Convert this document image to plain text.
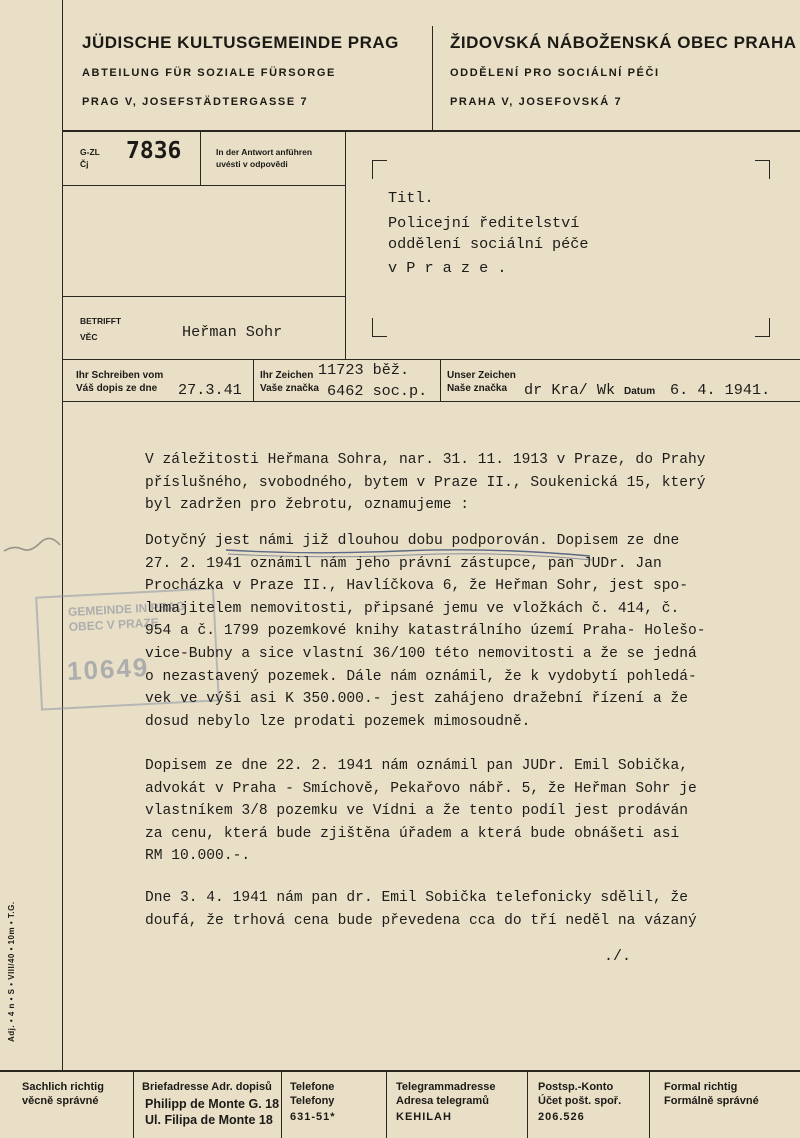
JÜDISCHE KULTUSGEMEINDE PRAG
ABTEILUNG FÜR SOZIALE FÜRSORGE
PRAG V, JOSEFSTÄDTERGASSE 7
ŽIDOVSKÁ NÁBOŽENSKÁ OBEC PRAHA
ODDĚLENÍ PRO SOCIÁLNÍ PÉČI
PRAHA V, JOSEFOVSKÁ 7
G-ZL
Čj	7836	In der Antwort anführen
uvésti v odpovědi
Titl.
Policejní ředitelství
oddělení sociální péče
v P r a z e .
BETRIFFT
VĚC	Heřman Sohr
Ihr Schreiben vom
Váš dopis ze dne	27.3.41
Ihr Zeichen
Vaše značka
11723 běž.
6462 soc.p.
Unser Zeichen
Naše značka	dr Kra/ Wk Datum 6. 4. 1941.
GEMEINDE IN PRAG
OBEC V PRAZE
10649
V záležitosti Heřmana Sohra, nar. 31. 11. 1913 v Praze, do Prahy
příslušného, svobodného, bytem v Praze II., Soukenická 15, který
byl zadržen pro žebrotu, oznamujeme :
Dotyčný jest námi již dlouhou dobu podporován. Dopisem ze dne
27. 2. 1941 oznámil nám jeho právní zástupce, pan JUDr. Jan
Procházka v Praze II., Havlíčkova 6, že Heřman Sohr, jest spo-
lumajitelem nemovitosti, připsané jemu ve vložkách č. 414, č.
954 a č. 1799 pozemkové knihy katastrálního území Praha- Holešo-
vice-Bubny a sice vlastní 36/100 této nemovitosti a že se jedná
o nezastavený pozemek. Dále nám oznámil, že k vydobytí pohledá-
vek ve výši asi K 350.000.- jest zahájeno dražební řízení a že
dosud nebylo lze prodati pozemek mimosoudně.
Dopisem ze dne 22. 2. 1941 nám oznámil pan JUDr. Emil Sobička,
advokát v Praha - Smíchově, Pekařovo nábř. 5, že Heřman Sohr je
vlastníkem 3/8 pozemku ve Vídni a že tento podíl jest prodáván
za cenu, která bude zjištěna úřadem a která bude obnášeti asi
RM 10.000.-.
Dne 3. 4. 1941 nám pan dr. Emil Sobička telefonicky sdělil, že
doufá, že trhová cena bude převedena cca do tří neděl na vázaný
./.
Adj. • 4 n • S • VIII/40 • 10m • T.G.
Sachlich richtig
věcně správné
Briefadresse Adr. dopisů
Philipp de Monte G. 18
Ul. Filipa de Monte 18
Telefone
Telefony
631-51*
Telegrammadresse
Adresa telegramů
KEHILAH
Postsp.-Konto
Účet pošt. spoř.
206.526
Formal richtig
Formálně správné
